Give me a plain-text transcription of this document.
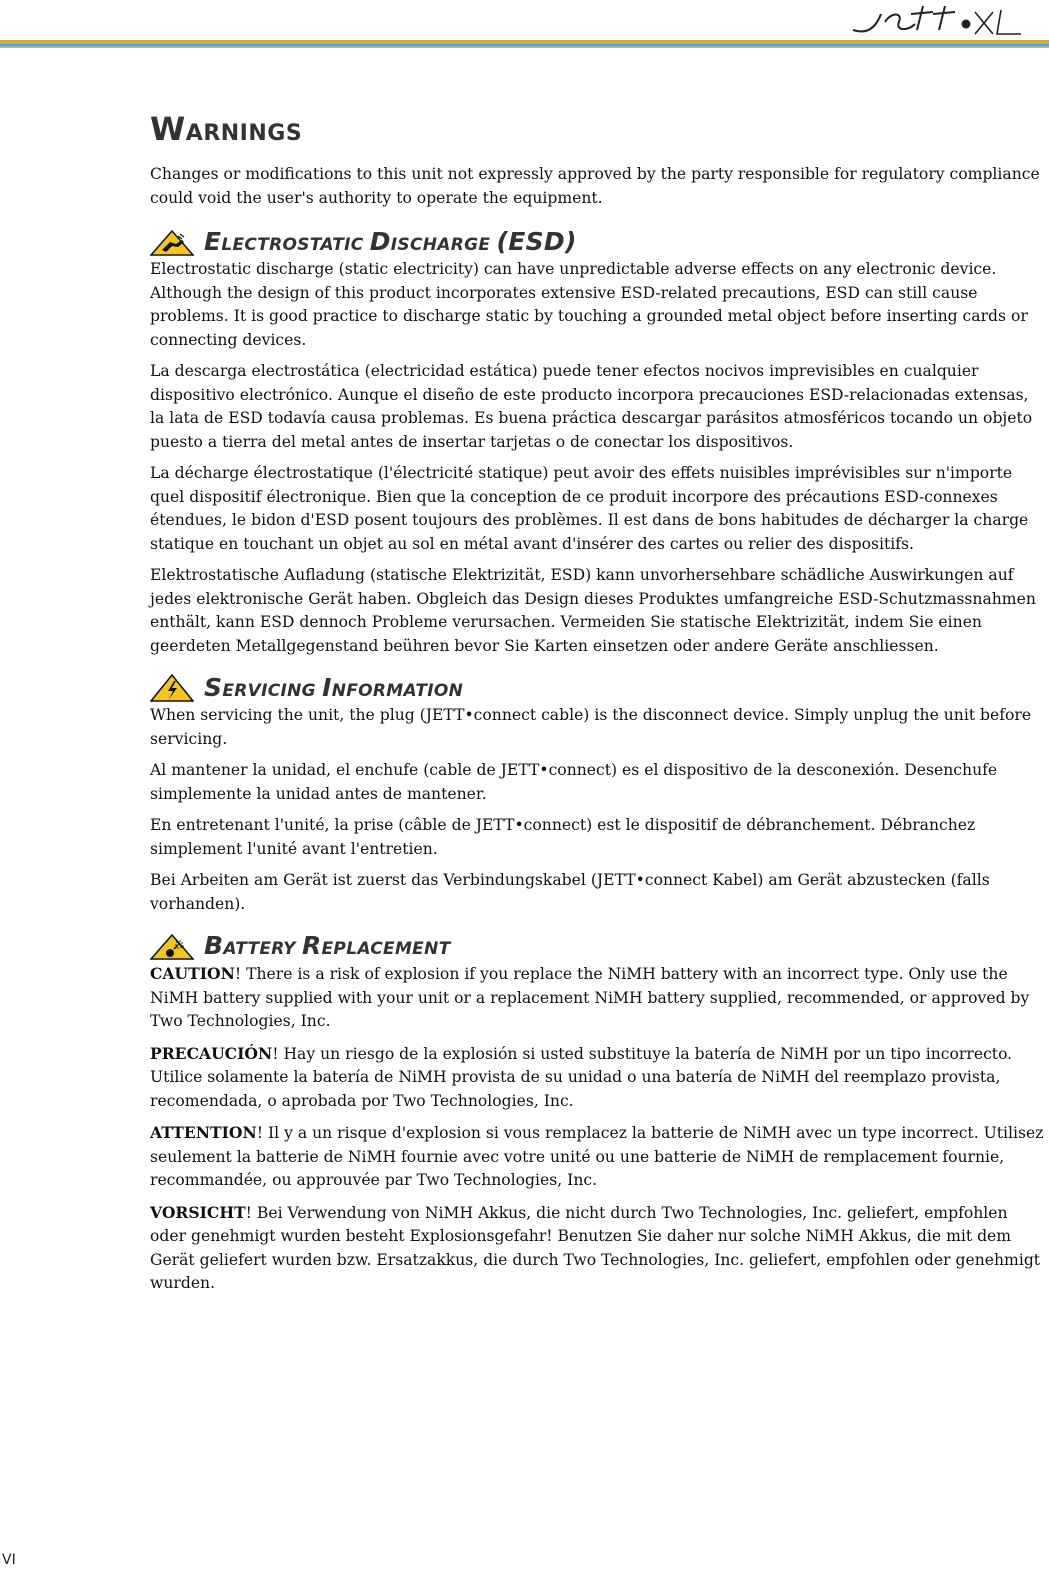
WARNINGS

Changes or modifications to this unit not expressly approved by the party responsible for regulatory compliance could void the user's authority to operate the equipment.

ELECTROSTATIC DISCHARGE (ESD)

Electrostatic discharge (static electricity) can have unpredictable adverse effects on any electronic device. Although the design of this product incorporates extensive ESD-related precautions, ESD can still cause problems. It is good practice to discharge static by touching a grounded metal object before inserting cards or connecting devices.

La descarga electrostática (electricidad estática) puede tener efectos nocivos imprevisibles en cualquier dispositivo electrónico. Aunque el diseño de este producto incorpora precauciones ESD-relacionadas extensas, la lata de ESD todavía causa problemas. Es buena práctica descargar parásitos atmosféricos tocando un objeto puesto a tierra del metal antes de insertar tarjetas o de conectar los dispositivos.

La décharge électrostatique (l'électricité statique) peut avoir des effets nuisibles imprévisibles sur n'importe quel dispositif électronique. Bien que la conception de ce produit incorpore des précautions ESD-connexes étendues, le bidon d'ESD posent toujours des problèmes. Il est dans de bons habitudes de décharger la charge statique en touchant un objet au sol en métal avant d'insérer des cartes ou relier des dispositifs.

Elektrostatische Aufladung (statische Elektrizität, ESD) kann unvorhersehbare schädliche Auswirkungen auf jedes elektronische Gerät haben. Obgleich das Design dieses Produktes umfangreiche ESD-Schutzmassnahmen enthält, kann ESD dennoch Probleme verursachen. Vermeiden Sie statische Elektrizität, indem Sie einen geerdeten Metallgegenstand beühren bevor Sie Karten einsetzen oder andere Geräte anschliessen.

SERVICING INFORMATION

When servicing the unit, the plug (JETT•connect cable) is the disconnect device. Simply unplug the unit before servicing.

Al mantener la unidad, el enchufe (cable de JETT•connect) es el dispositivo de la desconexión. Desenchufe simplemente la unidad antes de mantener.

En entretenant l'unité, la prise (câble de JETT•connect) est le dispositif de débranchement. Débranchez simplement l'unité avant l'entretien.

Bei Arbeiten am Gerät ist zuerst das Verbindungskabel (JETT•connect Kabel) am Gerät abzustecken (falls vorhanden).

BATTERY REPLACEMENT

CAUTION! There is a risk of explosion if you replace the NiMH battery with an incorrect type. Only use the NiMH battery supplied with your unit or a replacement NiMH battery supplied, recommended, or approved by Two Technologies, Inc.

PRECAUCIÓN! Hay un riesgo de la explosión si usted substituye la batería de NiMH por un tipo incorrecto. Utilice solamente la batería de NiMH provista de su unidad o una batería de NiMH del reemplazo provista, recomendada, o aprobada por Two Technologies, Inc.

ATTENTION! Il y a un risque d'explosion si vous remplacez la batterie de NiMH avec un type incorrect. Utilisez seulement la batterie de NiMH fournie avec votre unité ou une batterie de NiMH de remplacement fournie, recommandée, ou approuvée par Two Technologies, Inc.

VORSICHT! Bei Verwendung von NiMH Akkus, die nicht durch Two Technologies, Inc. geliefert, empfohlen oder genehmigt wurden besteht Explosionsgefahr! Benutzen Sie daher nur solche NiMH Akkus, die mit dem Gerät geliefert wurden bzw. Ersatzakkus, die durch Two Technologies, Inc. geliefert, empfohlen oder genehmigt wurden.

VI
